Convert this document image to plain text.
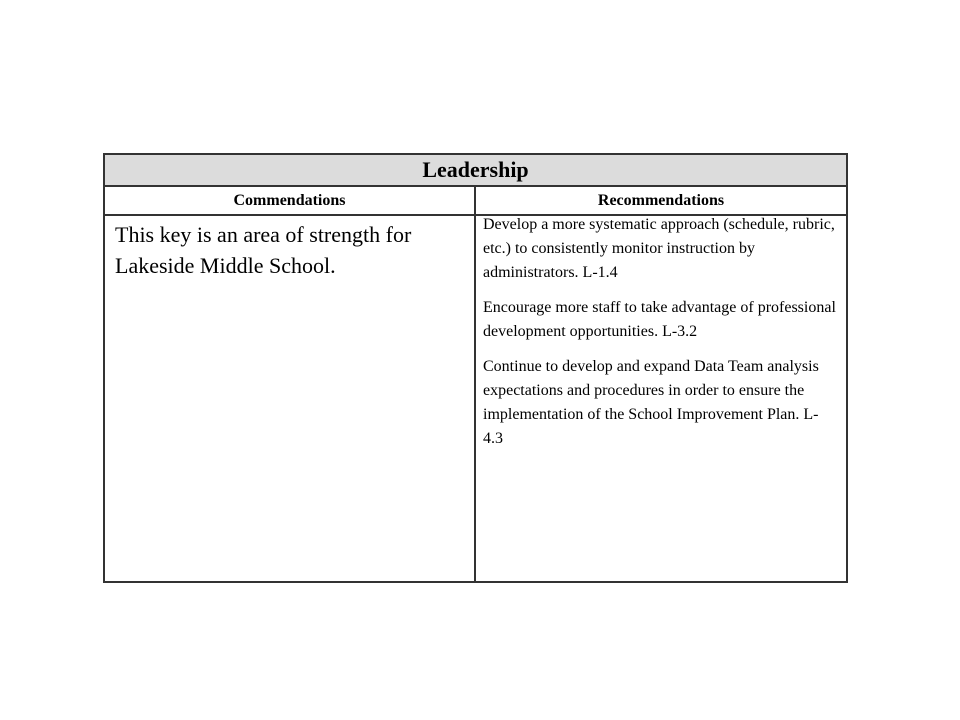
Leadership
Commendations	Recommendations
This key is an area of strength for Lakeside Middle School.

Develop a more systematic approach (schedule, rubric, etc.) to consistently monitor instruction by administrators. L-1.4

Encourage more staff to take advantage of professional development opportunities. L-3.2

Continue to develop and expand Data Team analysis expectations and procedures in order to ensure the implementation of the School Improvement Plan. L-4.3
